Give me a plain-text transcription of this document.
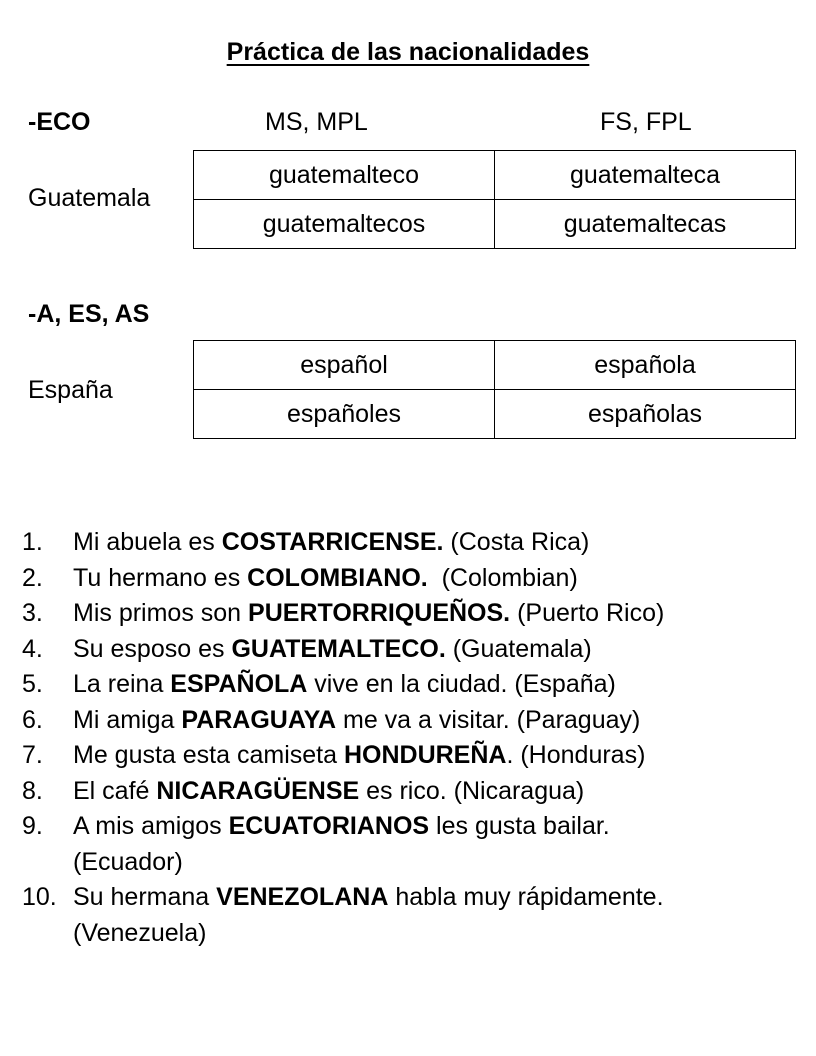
Práctica de las nacionalidades
-ECO	MS, MPL	FS, FPL
Guatemala
guatemalteco	guatemalteca
guatemaltecos	guatemaltecas
-A, ES, AS
España
español	española
españoles	españolas
1. Mi abuela es COSTARRICENSE. (Costa Rica)
2. Tu hermano es COLOMBIANO.  (Colombian)
3. Mis primos son PUERTORRIQUEÑOS. (Puerto Rico)
4. Su esposo es GUATEMALTECO. (Guatemala)
5. La reina ESPAÑOLA vive en la ciudad. (España)
6. Mi amiga PARAGUAYA me va a visitar. (Paraguay)
7. Me gusta esta camiseta HONDUREÑA. (Honduras)
8. El café NICARAGÜENSE es rico. (Nicaragua)
9. A mis amigos ECUATORIANOS les gusta bailar.
(Ecuador)
10. Su hermana VENEZOLANA habla muy rápidamente.
(Venezuela)
